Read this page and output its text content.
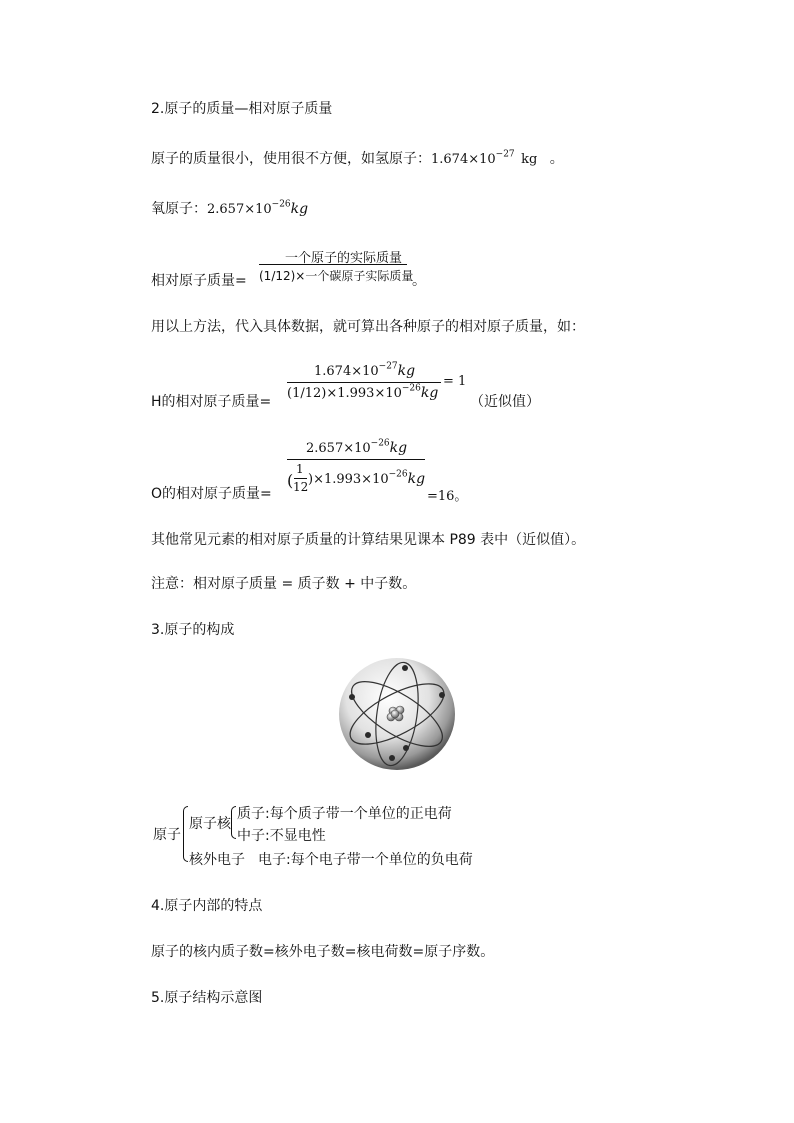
2.原子的质量—相对原子质量
原子的质量很小，使用很不方便，如氢原子：$1.674\times 10^{-27}$ kg 。
氧原子：$2.657\times 10^{-26}kg$
相对原子质量=
一个原子的实际质量
(1/12)×一个碳原子实际质量
。
用以上方法，代入具体数据，就可算出各种原子的相对原子质量，如：
H的相对原子质量=
$1.674\times 10^{-27}kg$
$(1/12)\times 1.993\times 10^{-26}kg$
= 1
（近似值）
O的相对原子质量=
$2.657\times 10^{-26}kg$
(
1
12 )$\times 1.993\times 10^{-26}kg$
=16。
其他常见元素的相对原子质量的计算结果见课本 P89 表中（近似值）。
注意：相对原子质量 = 质子数 + 中子数。
3.原子的构成
原子
原子核
质子:每个质子带一个单位的正电荷
中子:不显电性
核外电子 电子:每个电子带一个单位的负电荷
4.原子内部的特点
原子的核内质子数=核外电子数=核电荷数=原子序数。
5.原子结构示意图
